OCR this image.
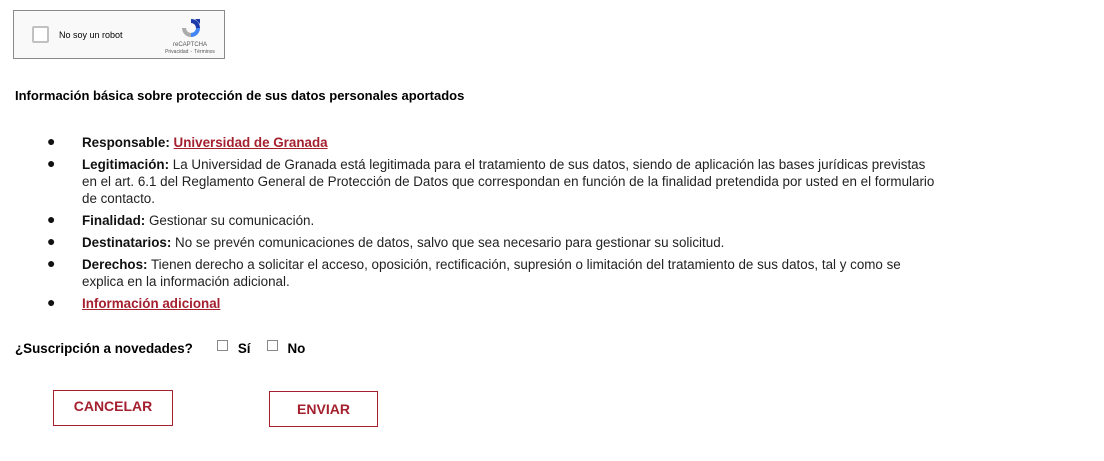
No soy un robot
reCAPTCHA
Privacidad - Términos
Información básica sobre protección de sus datos personales aportados
● Responsable: Universidad de Granada
● Legitimación: La Universidad de Granada está legitimada para el tratamiento de sus datos, siendo de aplicación las bases jurídicas previstas en el art. 6.1 del Reglamento General de Protección de Datos que correspondan en función de la finalidad pretendida por usted en el formulario de contacto.
● Finalidad: Gestionar su comunicación.
● Destinatarios: No se prevén comunicaciones de datos, salvo que sea necesario para gestionar su solicitud.
● Derechos: Tienen derecho a solicitar el acceso, oposición, rectificación, supresión o limitación del tratamiento de sus datos, tal y como se explica en la información adicional.
● Información adicional
¿Suscripción a novedades?	Sí	No
CANCELAR	ENVIAR
